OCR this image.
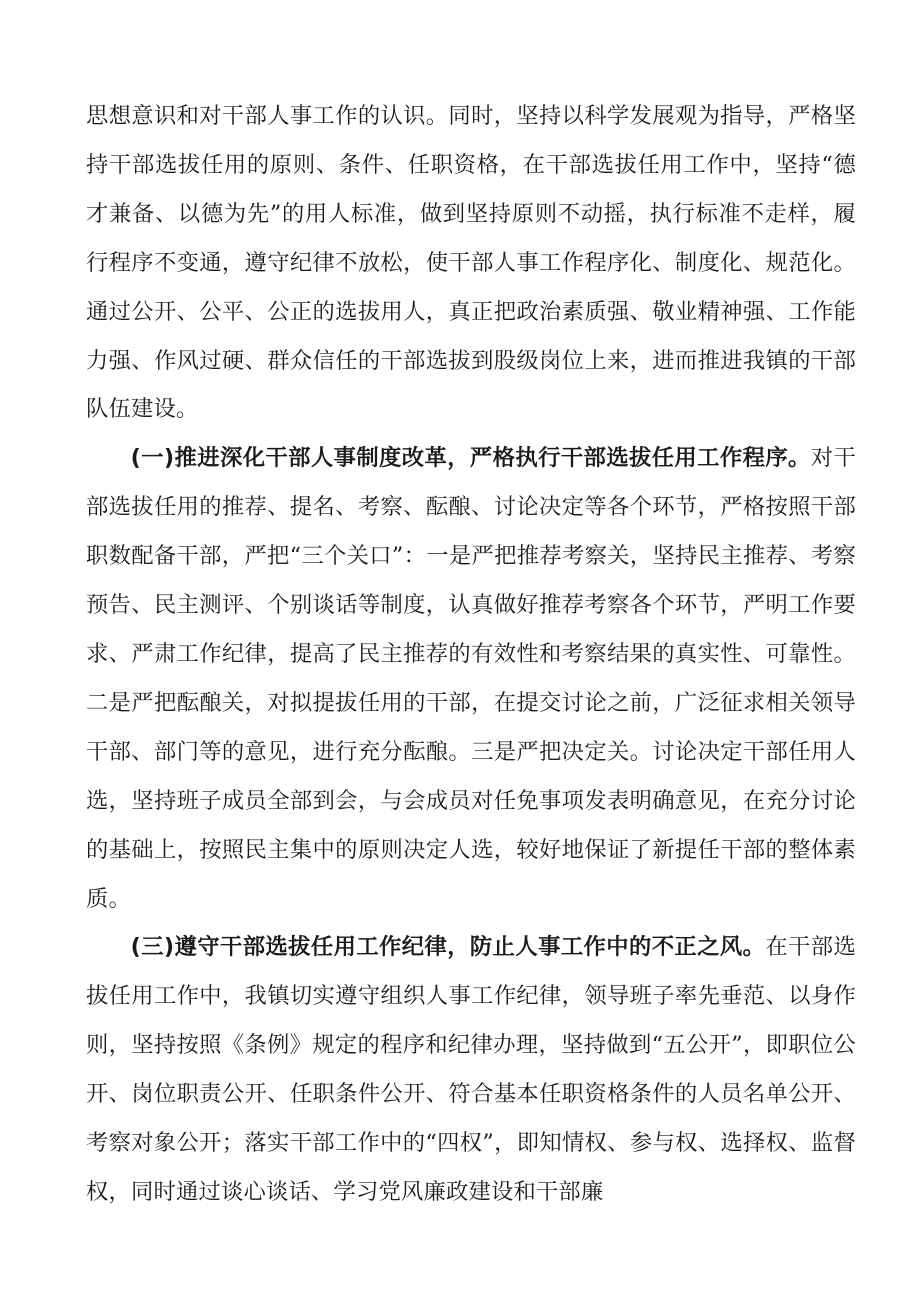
思想意识和对干部人事工作的认识。同时，坚持以科学发展观为指导，严格坚持干部选拔任用的原则、条件、任职资格，在干部选拔任用工作中，坚持“德才兼备、以德为先”的用人标准，做到坚持原则不动摇，执行标准不走样，履行程序不变通，遵守纪律不放松，使干部人事工作程序化、制度化、规范化。通过公开、公平、公正的选拔用人，真正把政治素质强、敬业精神强、工作能力强、作风过硬、群众信任的干部选拔到股级岗位上来，进而推进我镇的干部队伍建设。

(一)推进深化干部人事制度改革，严格执行干部选拔任用工作程序。对干部选拔任用的推荐、提名、考察、酝酿、讨论决定等各个环节，严格按照干部职数配备干部，严把“三个关口”：一是严把推荐考察关，坚持民主推荐、考察预告、民主测评、个别谈话等制度，认真做好推荐考察各个环节，严明工作要求、严肃工作纪律，提高了民主推荐的有效性和考察结果的真实性、可靠性。二是严把酝酿关，对拟提拔任用的干部，在提交讨论之前，广泛征求相关领导干部、部门等的意见，进行充分酝酿。三是严把决定关。讨论决定干部任用人选，坚持班子成员全部到会，与会成员对任免事项发表明确意见，在充分讨论的基础上，按照民主集中的原则决定人选，较好地保证了新提任干部的整体素质。

(三)遵守干部选拔任用工作纪律，防止人事工作中的不正之风。在干部选拔任用工作中，我镇切实遵守组织人事工作纪律，领导班子率先垂范、以身作则，坚持按照《条例》规定的程序和纪律办理，坚持做到“五公开”，即职位公开、岗位职责公开、任职条件公开、符合基本任职资格条件的人员名单公开、考察对象公开；落实干部工作中的“四权”，即知情权、参与权、选择权、监督权，同时通过谈心谈话、学习党风廉政建设和干部廉
